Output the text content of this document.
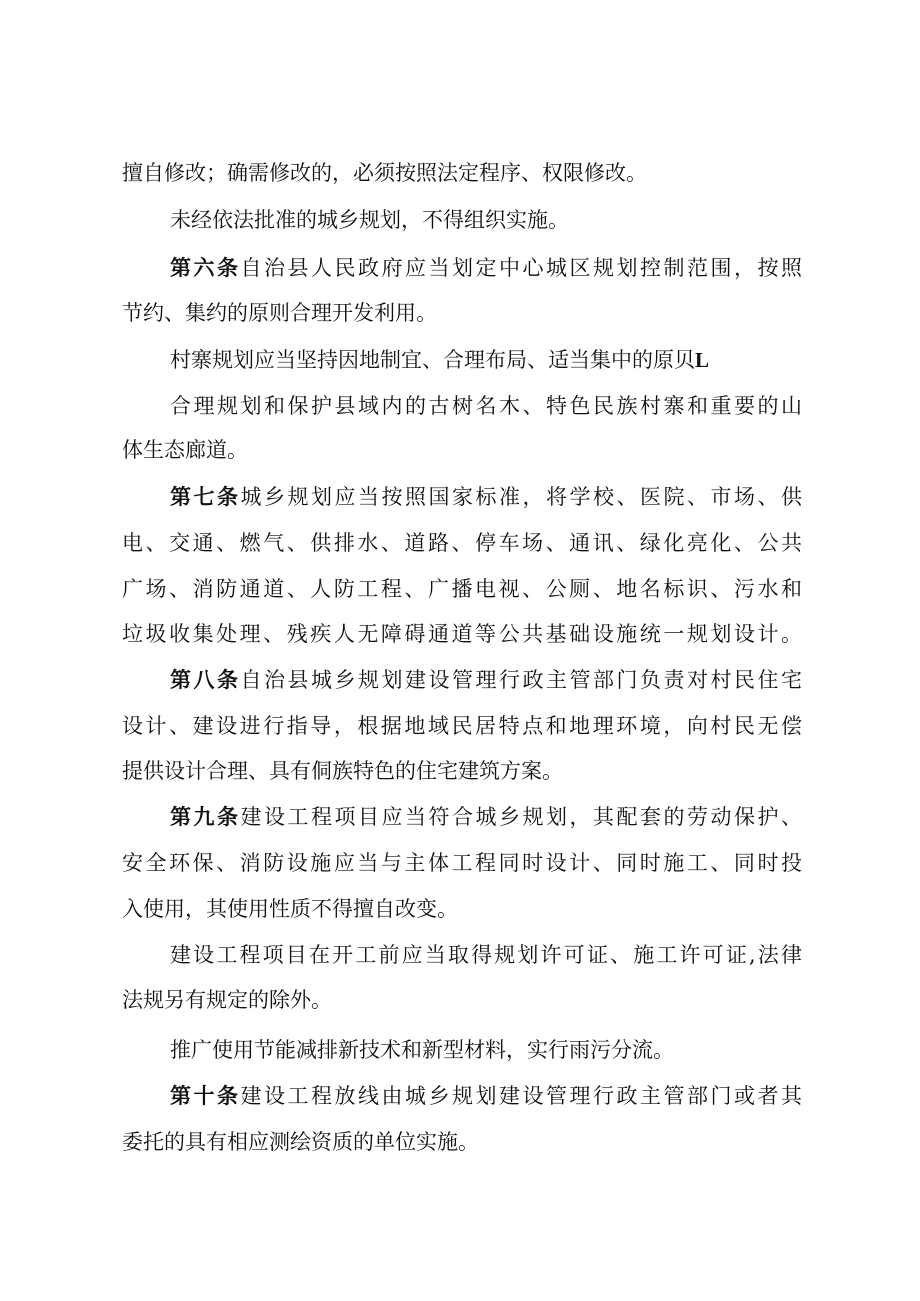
擅自修改；确需修改的，必须按照法定程序、权限修改。
未经依法批准的城乡规划，不得组织实施。
第六条自治县人民政府应当划定中心城区规划控制范围，按照
节约、集约的原则合理开发利用。
村寨规划应当坚持因地制宜、合理布局、适当集中的原贝L
合理规划和保护县域内的古树名木、特色民族村寨和重要的山
体生态廊道。
第七条城乡规划应当按照国家标准，将学校、医院、市场、供
电、交通、燃气、供排水、道路、停车场、通讯、绿化亮化、公共
广场、消防通道、人防工程、广播电视、公厕、地名标识、污水和
垃圾收集处理、残疾人无障碍通道等公共基础设施统一规划设计。
第八条自治县城乡规划建设管理行政主管部门负责对村民住宅
设计、建设进行指导，根据地域民居特点和地理环境，向村民无偿
提供设计合理、具有侗族特色的住宅建筑方案。
第九条建设工程项目应当符合城乡规划，其配套的劳动保护、
安全环保、消防设施应当与主体工程同时设计、同时施工、同时投
入使用，其使用性质不得擅自改变。
建设工程项目在开工前应当取得规划许可证、施工许可证,法律
法规另有规定的除外。
推广使用节能减排新技术和新型材料，实行雨污分流。
第十条建设工程放线由城乡规划建设管理行政主管部门或者其
委托的具有相应测绘资质的单位实施。
